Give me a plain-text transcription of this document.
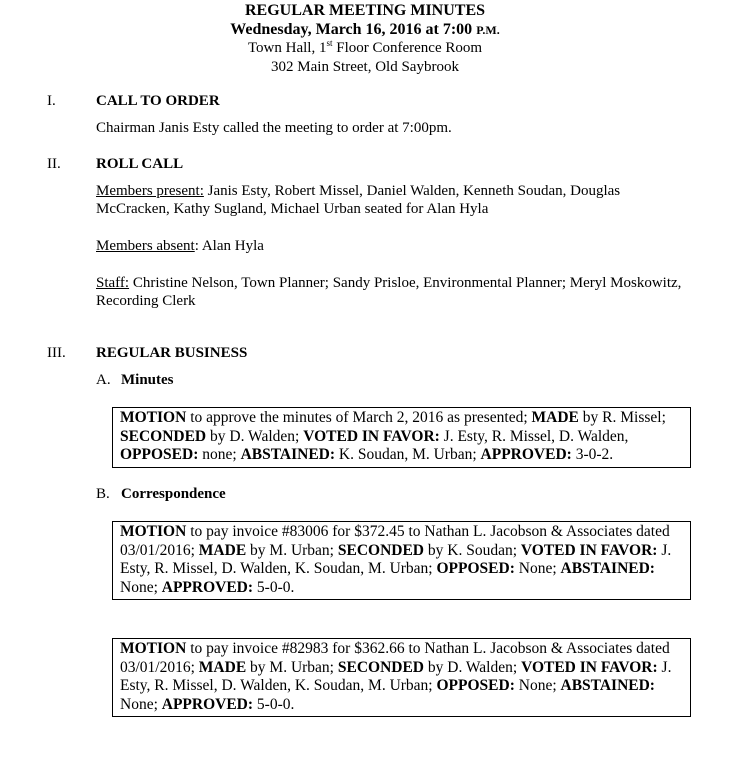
REGULAR MEETING MINUTES
Wednesday, March 16, 2016 at 7:00 P.M.
Town Hall, 1st Floor Conference Room
302 Main Street, Old Saybrook
I.	CALL TO ORDER
Chairman Janis Esty called the meeting to order at 7:00pm.
II. ROLL CALL
Members present: Janis Esty, Robert Missel, Daniel Walden, Kenneth Soudan, Douglas McCracken, Kathy Sugland, Michael Urban seated for Alan Hyla
Members absent: Alan Hyla
Staff: Christine Nelson, Town Planner; Sandy Prisloe, Environmental Planner; Meryl Moskowitz, Recording Clerk
III. REGULAR BUSINESS
A. Minutes
MOTION to approve the minutes of March 2, 2016 as presented; MADE by R. Missel; SECONDED by D. Walden; VOTED IN FAVOR: J. Esty, R. Missel, D. Walden, OPPOSED: none; ABSTAINED: K. Soudan, M. Urban; APPROVED: 3-0-2.
B. Correspondence
MOTION to pay invoice #83006 for $372.45 to Nathan L. Jacobson & Associates dated 03/01/2016; MADE by M. Urban; SECONDED by K. Soudan; VOTED IN FAVOR: J. Esty, R. Missel, D. Walden, K. Soudan, M. Urban; OPPOSED: None; ABSTAINED: None; APPROVED: 5-0-0.
MOTION to pay invoice #82983 for $362.66 to Nathan L. Jacobson & Associates dated 03/01/2016; MADE by M. Urban; SECONDED by D. Walden; VOTED IN FAVOR: J. Esty, R. Missel, D. Walden, K. Soudan, M. Urban; OPPOSED: None; ABSTAINED: None; APPROVED: 5-0-0.
